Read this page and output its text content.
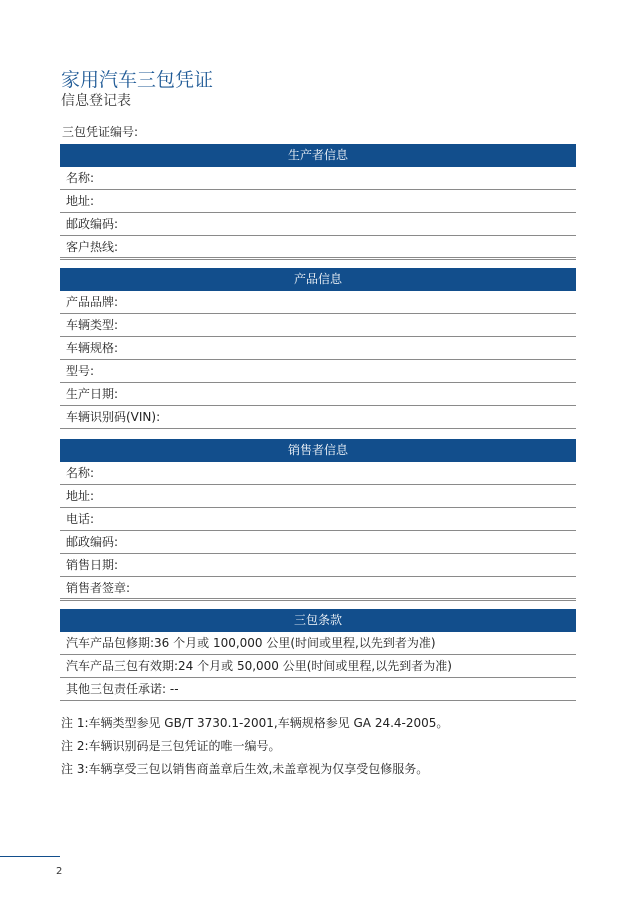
家用汽车三包凭证
信息登记表
三包凭证编号:
生产者信息
名称:
地址:
邮政编码:
客户热线:
产品信息
产品品牌:
车辆类型:
车辆规格:
型号:
生产日期:
车辆识别码(VIN):
销售者信息
名称:
地址:
电话:
邮政编码:
销售日期:
销售者签章:
三包条款
汽车产品包修期:36 个月或 100,000 公里(时间或里程,以先到者为准)
汽车产品三包有效期:24 个月或 50,000 公里(时间或里程,以先到者为准)
其他三包责任承诺: --
注 1:车辆类型参见 GB/T 3730.1-2001,车辆规格参见 GA 24.4-2005。
注 2:车辆识别码是三包凭证的唯一编号。
注 3:车辆享受三包以销售商盖章后生效,未盖章视为仅享受包修服务。
2
